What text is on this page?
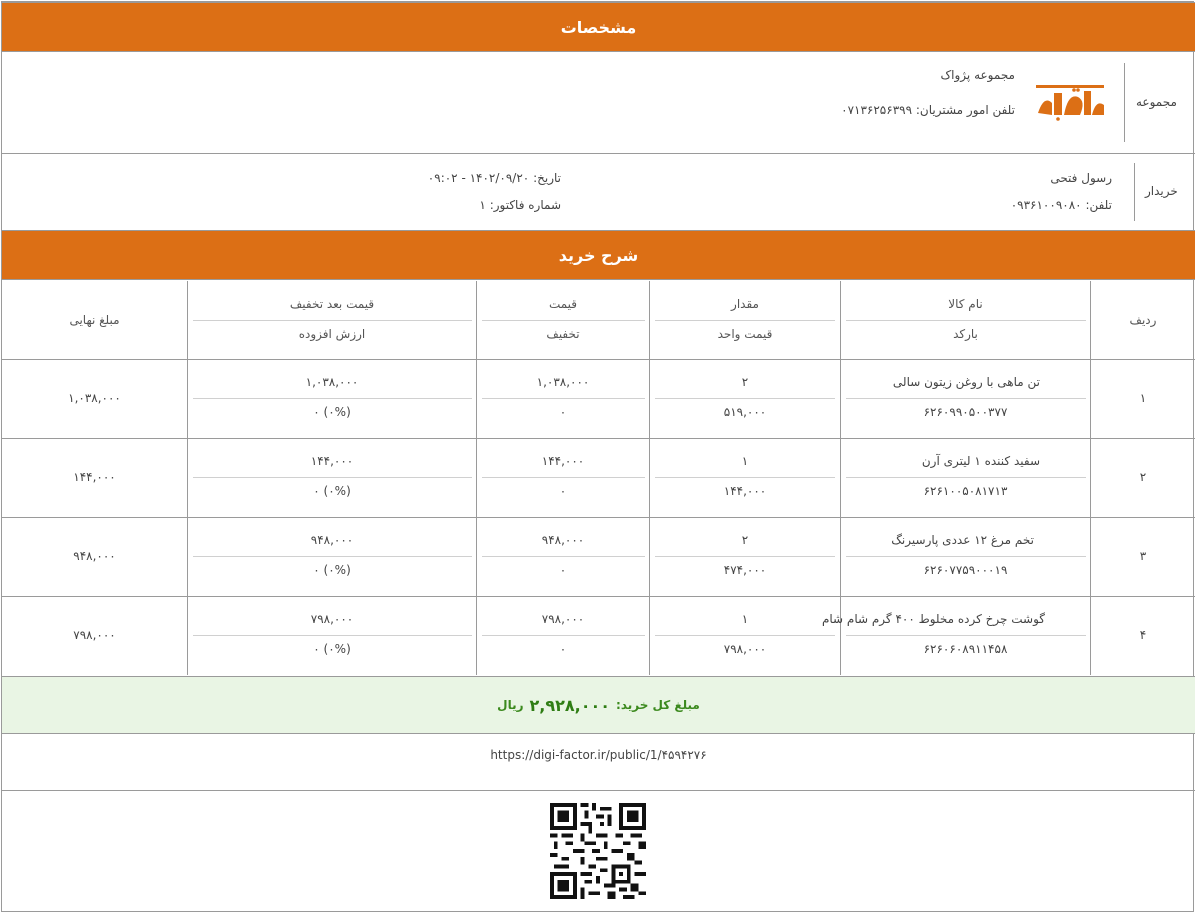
مشخصات
مجموعه
مجموعه پژواک
تلفن امور مشتریان: ۰۷۱۳۶۲۵۶۳۹۹
خریدار
رسول فتحی
تلفن: ۰۹۳۶۱۰۰۹۰۸۰
تاریخ: ۱۴۰۲/۰۹/۲۰ - ۰۹:۰۲
شماره فاکتور: ۱
شرح خرید
ردیف
نام کالا
بارکد
مقدار
قیمت واحد
قیمت
تخفیف
قیمت بعد تخفیف
ارزش افزوده
مبلغ نهایی
۱
تن ماهی با روغن زیتون سالی
۶۲۶۰۹۹۰۵۰۰۳۷۷
۲
۵۱۹,۰۰۰
۱,۰۳۸,۰۰۰
۰
۱,۰۳۸,۰۰۰
(۰%) ۰
۱,۰۳۸,۰۰۰
۲
سفید کننده ۱ لیتری آرن
۶۲۶۱۰۰۵۰۸۱۷۱۳
۱
۱۴۴,۰۰۰
۱۴۴,۰۰۰
۰
۱۴۴,۰۰۰
(۰%) ۰
۱۴۴,۰۰۰
۳
تخم مرغ ۱۲ عددی پارسیرنگ
۶۲۶۰۷۷۵۹۰۰۰۱۹
۲
۴۷۴,۰۰۰
۹۴۸,۰۰۰
۰
۹۴۸,۰۰۰
(۰%) ۰
۹۴۸,۰۰۰
۴
گوشت چرخ کرده مخلوط ۴۰۰ گرم شام شام
۶۲۶۰۶۰۸۹۱۱۴۵۸
۱
۷۹۸,۰۰۰
۷۹۸,۰۰۰
۰
۷۹۸,۰۰۰
(۰%) ۰
۷۹۸,۰۰۰
مبلغ کل خرید:
۲,۹۲۸,۰۰۰
ریال
https://digi-factor.ir/public/1/۴۵۹۴۲۷۶
